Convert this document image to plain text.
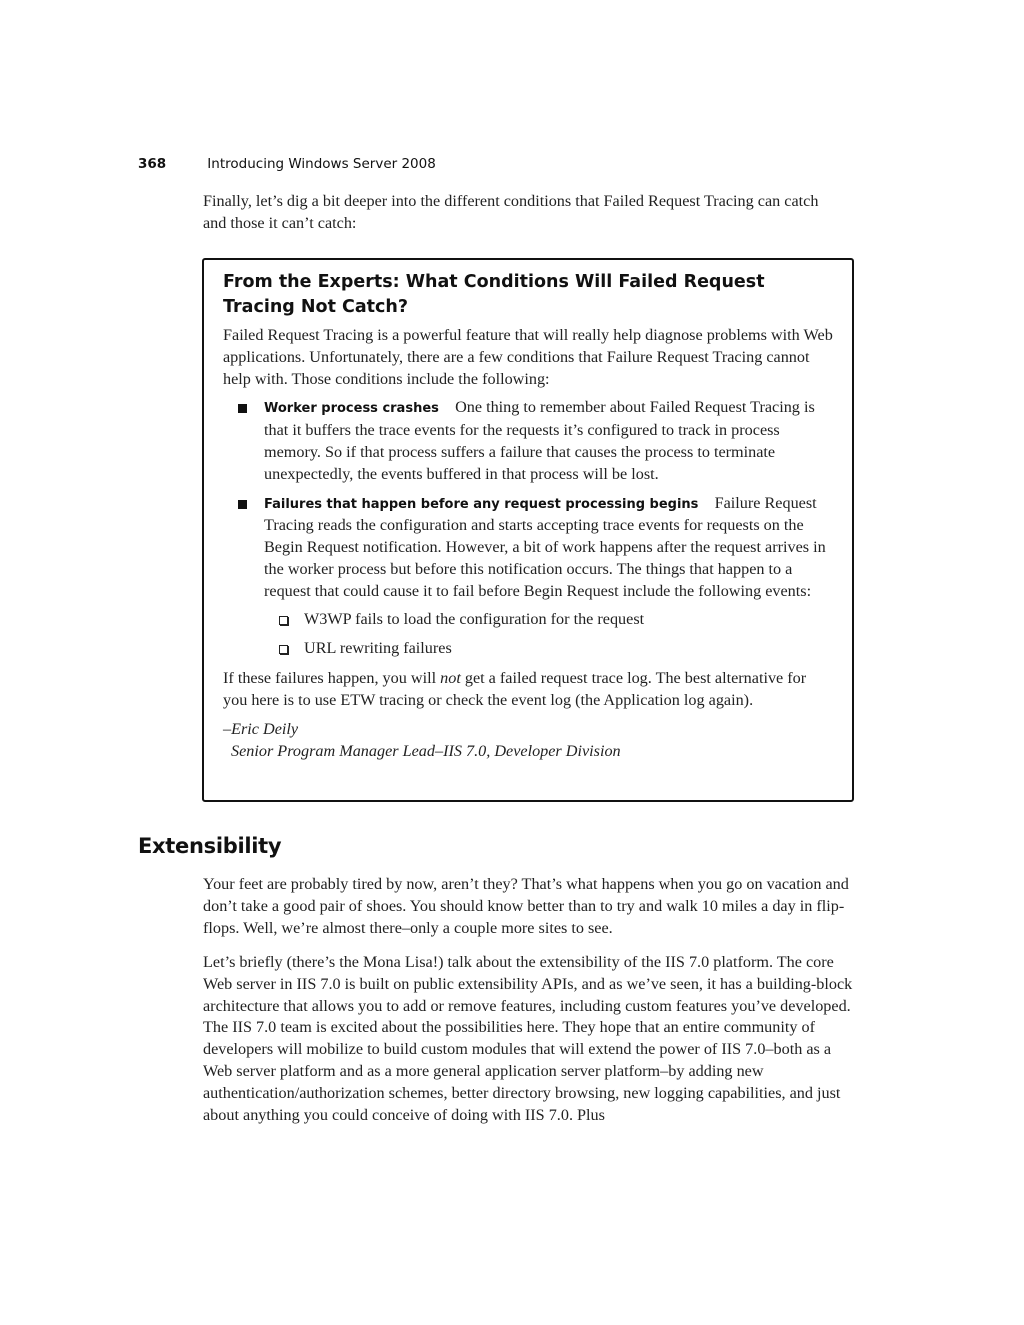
368	Introducing Windows Server 2008

Finally, let’s dig a bit deeper into the different conditions that Failed Request Tracing can catch and those it can’t catch:

From the Experts: What Conditions Will Failed Request Tracing Not Catch?

Failed Request Tracing is a powerful feature that will really help diagnose problems with Web applications. Unfortunately, there are a few conditions that Failure Request Tracing cannot help with. Those conditions include the following:

Worker process crashes One thing to remember about Failed Request Tracing is that it buffers the trace events for the requests it’s configured to track in process memory. So if that process suffers a failure that causes the process to terminate unexpectedly, the events buffered in that process will be lost.
Failures that happen before any request processing begins Failure Request Tracing reads the configuration and starts accepting trace events for requests on the Begin Request notification. However, a bit of work happens after the request arrives in the worker process but before this notification occurs. The things that happen to a request that could cause it to fail before Begin Request include the following events:
W3WP fails to load the configuration for the request
URL rewriting failures

If these failures happen, you will not get a failed request trace log. The best alternative for you here is to use ETW tracing or check the event log (the Application log again).

–Eric Deily
Senior Program Manager Lead–IIS 7.0, Developer Division

Extensibility

Your feet are probably tired by now, aren’t they? That’s what happens when you go on vacation and don’t take a good pair of shoes. You should know better than to try and walk 10 miles a day in flip-flops. Well, we’re almost there–only a couple more sites to see.

Let’s briefly (there’s the Mona Lisa!) talk about the extensibility of the IIS 7.0 platform. The core Web server in IIS 7.0 is built on public extensibility APIs, and as we’ve seen, it has a building-block architecture that allows you to add or remove features, including custom features you’ve developed. The IIS 7.0 team is excited about the possibilities here. They hope that an entire community of developers will mobilize to build custom modules that will extend the power of IIS 7.0–both as a Web server platform and as a more general application server platform–by adding new authentication/authorization schemes, better directory browsing, new logging capabilities, and just about anything you could conceive of doing with IIS 7.0. Plus
